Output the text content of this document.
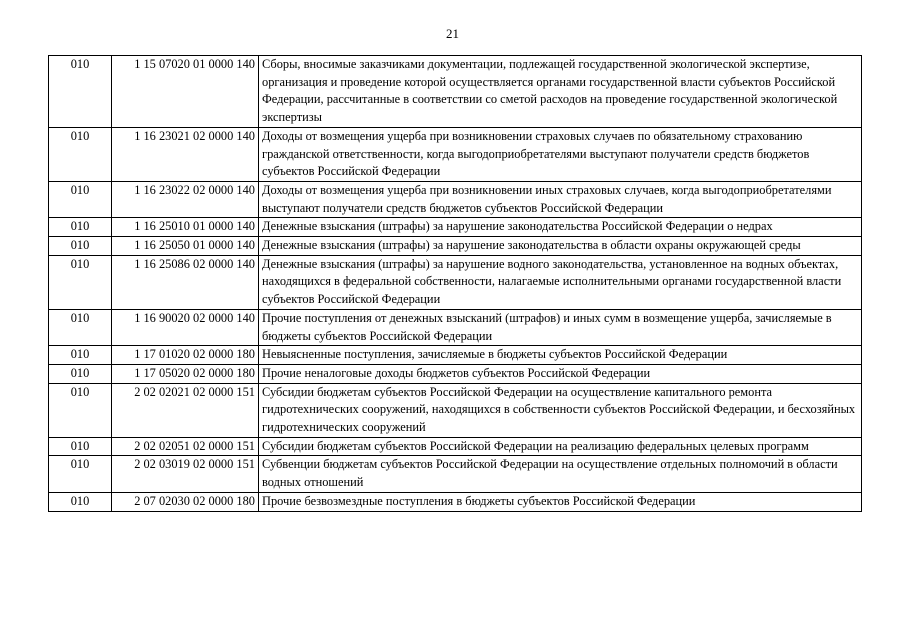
21
010	1 15 07020 01 0000 140	Сборы, вносимые заказчиками документации, подлежащей государственной экологической экспертизе, организация и проведение которой осуществляется органами государственной власти субъектов Российской Федерации, рассчитанные в соответствии со сметой расходов на проведение государственной экологической экспертизы
010	1 16 23021 02 0000 140	Доходы от возмещения ущерба при возникновении страховых случаев по обязательному страхованию гражданской ответственности, когда выгодоприобретателями выступают получатели средств бюджетов субъектов Российской Федерации
010	1 16 23022 02 0000 140	Доходы от возмещения ущерба при возникновении иных страховых случаев, когда выгодоприобретателями выступают получатели средств бюджетов субъектов Российской Федерации
010	1 16 25010 01 0000 140	Денежные взыскания (штрафы) за нарушение законодательства Российской Федерации о недрах
010	1 16 25050 01 0000 140	Денежные взыскания (штрафы) за нарушение законодательства в области охраны окружающей среды
010	1 16 25086 02 0000 140	Денежные взыскания (штрафы) за нарушение водного законодательства, установленное на водных объектах, находящихся в федеральной собственности, налагаемые исполнительными органами государственной власти субъектов Российской Федерации
010	1 16 90020 02 0000 140	Прочие поступления от денежных взысканий (штрафов) и иных сумм в возмещение ущерба, зачисляемые в бюджеты субъектов Российской Федерации
010	1 17 01020 02 0000 180	Невыясненные поступления, зачисляемые в бюджеты субъектов Российской Федерации
010	1 17 05020 02 0000 180	Прочие неналоговые доходы бюджетов субъектов Российской Федерации
010	2 02 02021 02 0000 151	Субсидии бюджетам субъектов Российской Федерации на осуществление капитального ремонта гидротехнических сооружений, находящихся в собственности субъектов Российской Федерации, и бесхозяйных гидротехнических сооружений
010	2 02 02051 02 0000 151	Субсидии бюджетам субъектов Российской Федерации на реализацию федеральных целевых программ
010	2 02 03019 02 0000 151	Субвенции бюджетам субъектов Российской Федерации на осуществление отдельных полномочий в области водных отношений
010	2 07 02030 02 0000 180	Прочие безвозмездные поступления в бюджеты субъектов Российской Федерации
